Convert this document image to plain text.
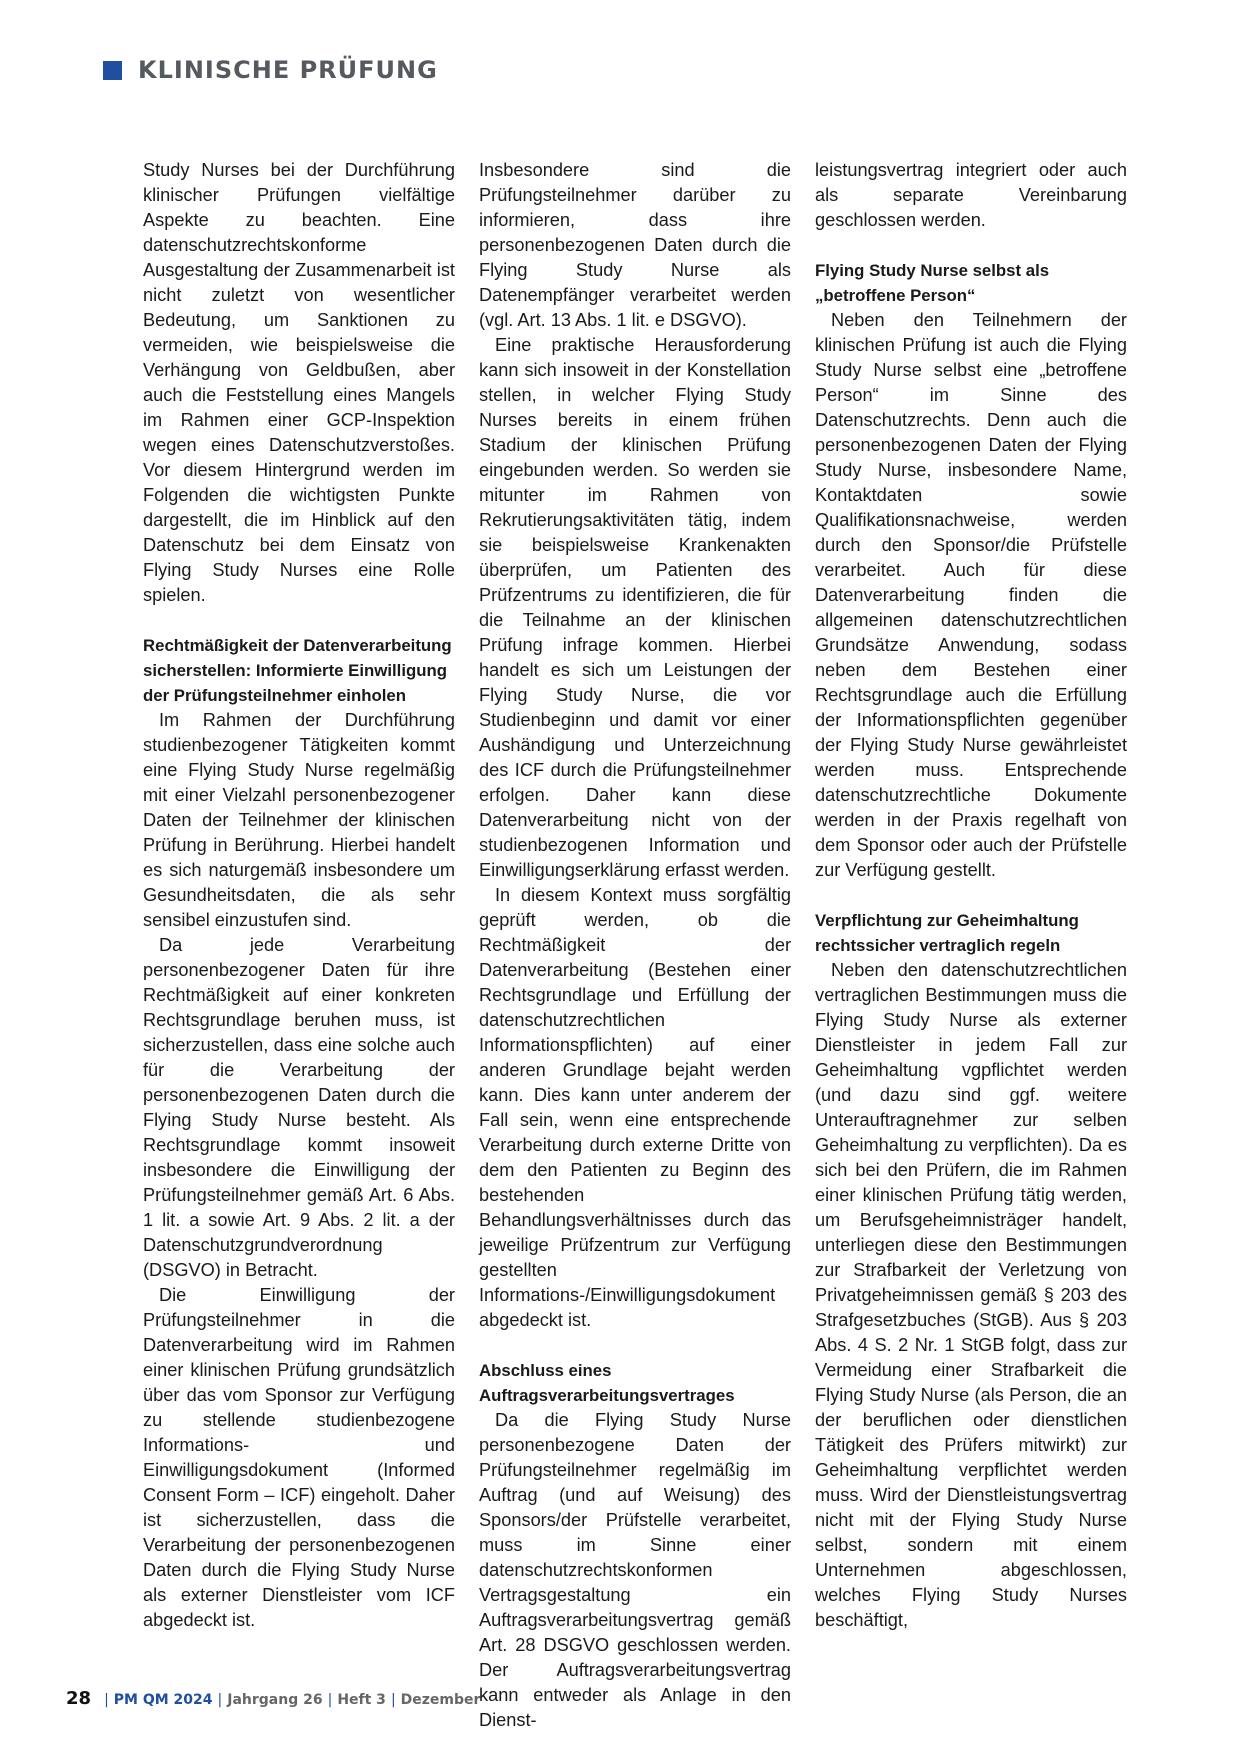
KLINISCHE PRÜFUNG

Study Nurses bei der Durchführung klinischer Prüfungen vielfältige Aspekte zu beachten. Eine datenschutzrechtskonforme Ausgestaltung der Zusammenarbeit ist nicht zuletzt von wesentlicher Bedeutung, um Sanktionen zu vermeiden, wie beispielsweise die Verhängung von Geldbußen, aber auch die Feststellung eines Mangels im Rahmen einer GCP-Inspektion wegen eines Datenschutzverstoßes. Vor diesem Hintergrund werden im Folgenden die wichtigsten Punkte dargestellt, die im Hinblick auf den Datenschutz bei dem Einsatz von Flying Study Nurses eine Rolle spielen.

Rechtmäßigkeit der Datenverarbeitung sicherstellen: Informierte Einwilligung der Prüfungsteilnehmer einholen

Im Rahmen der Durchführung studienbezogener Tätigkeiten kommt eine Flying Study Nurse regelmäßig mit einer Vielzahl personenbezogener Daten der Teilnehmer der klinischen Prüfung in Berührung. Hierbei handelt es sich naturgemäß insbesondere um Gesundheitsdaten, die als sehr sensibel einzustufen sind.

Da jede Verarbeitung personenbezogener Daten für ihre Rechtmäßigkeit auf einer konkreten Rechtsgrundlage beruhen muss, ist sicherzustellen, dass eine solche auch für die Verarbeitung der personenbezogenen Daten durch die Flying Study Nurse besteht. Als Rechtsgrundlage kommt insoweit insbesondere die Einwilligung der Prüfungsteilnehmer gemäß Art. 6 Abs. 1 lit. a sowie Art. 9 Abs. 2 lit. a der Datenschutzgrundverordnung (DSGVO) in Betracht.

Die Einwilligung der Prüfungsteilnehmer in die Datenverarbeitung wird im Rahmen einer klinischen Prüfung grundsätzlich über das vom Sponsor zur Verfügung zu stellende studienbezogene Informations- und Einwilligungsdokument (Informed Consent Form – ICF) eingeholt. Daher ist sicherzustellen, dass die Verarbeitung der personenbezogenen Daten durch die Flying Study Nurse als externer Dienstleister vom ICF abgedeckt ist.

Insbesondere sind die Prüfungsteilnehmer darüber zu informieren, dass ihre personenbezogenen Daten durch die Flying Study Nurse als Datenempfänger verarbeitet werden (vgl. Art. 13 Abs. 1 lit. e DSGVO).

Eine praktische Herausforderung kann sich insoweit in der Konstellation stellen, in welcher Flying Study Nurses bereits in einem frühen Stadium der klinischen Prüfung eingebunden werden. So werden sie mitunter im Rahmen von Rekrutierungsaktivitäten tätig, indem sie beispielsweise Krankenakten überprüfen, um Patienten des Prüfzentrums zu identifizieren, die für die Teilnahme an der klinischen Prüfung infrage kommen. Hierbei handelt es sich um Leistungen der Flying Study Nurse, die vor Studienbeginn und damit vor einer Aushändigung und Unterzeichnung des ICF durch die Prüfungsteilnehmer erfolgen. Daher kann diese Datenverarbeitung nicht von der studienbezogenen Information und Einwilligungserklärung erfasst werden.

In diesem Kontext muss sorgfältig geprüft werden, ob die Rechtmäßigkeit der Datenverarbeitung (Bestehen einer Rechtsgrundlage und Erfüllung der datenschutzrechtlichen Informationspflichten) auf einer anderen Grundlage bejaht werden kann. Dies kann unter anderem der Fall sein, wenn eine entsprechende Verarbeitung durch externe Dritte von dem den Patienten zu Beginn des bestehenden Behandlungsverhältnisses durch das jeweilige Prüfzentrum zur Verfügung gestellten Informations-/Einwilligungsdokument abgedeckt ist.

Abschluss eines Auftragsverarbeitungsvertrages

Da die Flying Study Nurse personenbezogene Daten der Prüfungsteilnehmer regelmäßig im Auftrag (und auf Weisung) des Sponsors/der Prüfstelle verarbeitet, muss im Sinne einer datenschutzrechtskonformen Vertragsgestaltung ein Auftragsverarbeitungsvertrag gemäß Art. 28 DSGVO geschlossen werden. Der Auftragsverarbeitungsvertrag kann entweder als Anlage in den Dienst-

leistungsvertrag integriert oder auch als separate Vereinbarung geschlossen werden.

Flying Study Nurse selbst als „betroffene Person“

Neben den Teilnehmern der klinischen Prüfung ist auch die Flying Study Nurse selbst eine „betroffene Person“ im Sinne des Datenschutzrechts. Denn auch die personenbezogenen Daten der Flying Study Nurse, insbesondere Name, Kontaktdaten sowie Qualifikationsnachweise, werden durch den Sponsor/die Prüfstelle verarbeitet. Auch für diese Datenverarbeitung finden die allgemeinen datenschutzrechtlichen Grundsätze Anwendung, sodass neben dem Bestehen einer Rechtsgrundlage auch die Erfüllung der Informationspflichten gegenüber der Flying Study Nurse gewährleistet werden muss. Entsprechende datenschutzrechtliche Dokumente werden in der Praxis regelhaft von dem Sponsor oder auch der Prüfstelle zur Verfügung gestellt.

Verpflichtung zur Geheimhaltung rechtssicher vertraglich regeln

Neben den datenschutzrechtlichen vertraglichen Bestimmungen muss die Flying Study Nurse als externer Dienstleister in jedem Fall zur Geheimhaltung vgpflichtet werden (und dazu sind ggf. weitere Unterauftragnehmer zur selben Geheimhaltung zu verpflichten). Da es sich bei den Prüfern, die im Rahmen einer klinischen Prüfung tätig werden, um Berufsgeheimnisträger handelt, unterliegen diese den Bestimmungen zur Strafbarkeit der Verletzung von Privatgeheimnissen gemäß § 203 des Strafgesetzbuches (StGB). Aus § 203 Abs. 4 S. 2 Nr. 1 StGB folgt, dass zur Vermeidung einer Strafbarkeit die Flying Study Nurse (als Person, die an der beruflichen oder dienstlichen Tätigkeit des Prüfers mitwirkt) zur Geheimhaltung verpflichtet werden muss. Wird der Dienstleistungsvertrag nicht mit der Flying Study Nurse selbst, sondern mit einem Unternehmen abgeschlossen, welches Flying Study Nurses beschäftigt,

28 | PM QM 2024 | Jahrgang 26 | Heft 3 | Dezember
